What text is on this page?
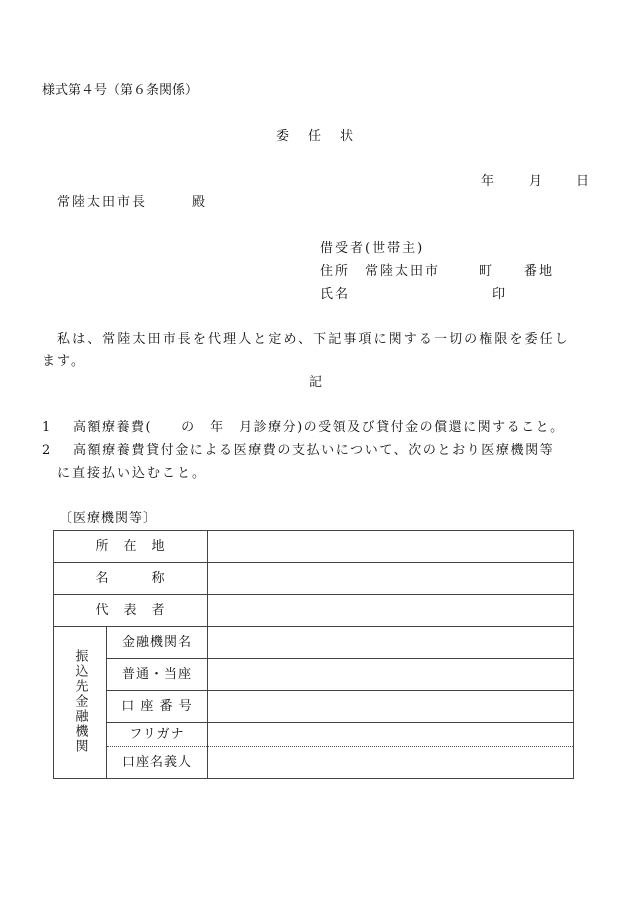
様式第４号（第６条関係）
委　任　状
年	月	日
常陸太田市長　　　殿
借受者(世帯主)
住所　常陸太田市	町 番地
氏名	印
私は、常陸太田市長を代理人と定め、下記事項に関する一切の権限を委任し
ます。
記
1 高額療養費(　　の　年　月診療分)の受領及び貸付金の償還に関すること。
2 高額療養費貸付金による医療費の支払いについて、次のとおり医療機関等
に直接払い込むこと。
〔医療機関等〕
所　在　地		
名　　　称		
代　表　者		
振込先金融機関	金融機関名	
	普通・当座	
	口 座 番 号	
	フリガナ	
	口座名義人	
